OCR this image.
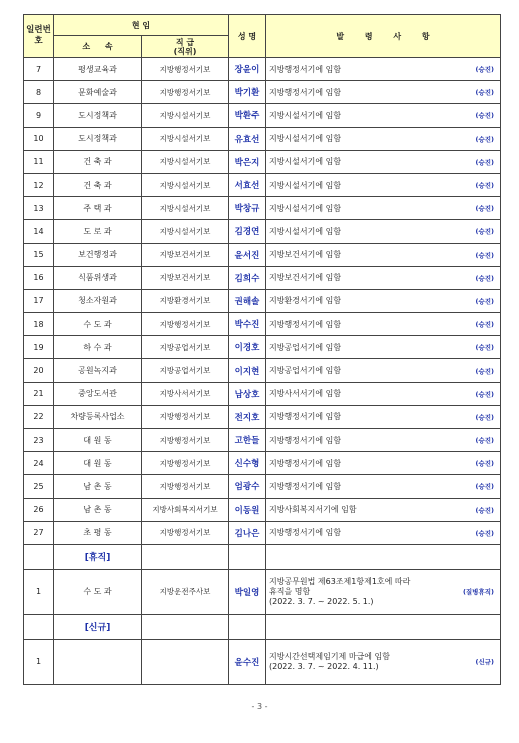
일련번호	현 임		성 명	발 령 사 항
	소 속	직 급
(직위)		
7	평생교육과	지방행정서기보	장윤이	지방행정서기에 임함 (승진)

8	문화예술과	지방행정서기보	박기환	지방행정서기에 임함 (승진)

9	도시정책과	지방시설서기보	박환주	지방시설서기에 임함 (승진)

10	도시정책과	지방시설서기보	유효선	지방시설서기에 임함 (승진)

11	건 축 과	지방시설서기보	박은지	지방시설서기에 임함 (승진)

12	건 축 과	지방시설서기보	서효선	지방시설서기에 임함 (승진)

13	주 택 과	지방시설서기보	박창규	지방시설서기에 임함 (승진)

14	도 로 과	지방시설서기보	김경연	지방시설서기에 임함 (승진)

15	보건행정과	지방보건서기보	윤서진	지방보건서기에 임함 (승진)

16	식품위생과	지방보건서기보	김희수	지방보건서기에 임함 (승진)

17	청소자원과	지방환경서기보	권해솔	지방환경서기에 임함 (승진)

18	수 도 과	지방행정서기보	박수진	지방행정서기에 임함 (승진)

19	하 수 과	지방공업서기보	이경호	지방공업서기에 임함 (승진)

20	공원녹지과	지방공업서기보	이지현	지방공업서기에 임함 (승진)

21	중앙도서관	지방사서서기보	남상호	지방사서서기에 임함 (승진)

22	차량등록사업소	지방행정서기보	전지호	지방행정서기에 임함 (승진)

23	대 원 동	지방행정서기보	고한들	지방행정서기에 임함 (승진)

24	대 원 동	지방행정서기보	신수형	지방행정서기에 임함 (승진)

25	남 촌 동	지방행정서기보	엄광수	지방행정서기에 임함 (승진)

26	남 촌 동	지방사회복지서기보	이동원	지방사회복지서기에 임함 (승진)

27	초 평 동	지방행정서기보	김나은	지방행정서기에 임함 (승진)

	[휴직]			
1	수 도 과	지방운전주사보	박일영	지방공무원법 제63조제1항제1호에 따라
휴직을 명함
(2022. 3. 7. ~ 2022. 5. 1.)
(질병휴직)

	[신규]			
1			윤수진	지방시간선택제임기제 마급에 임함
(2022. 3. 7. ~ 2022. 4. 11.) (신규)
- 3 -
